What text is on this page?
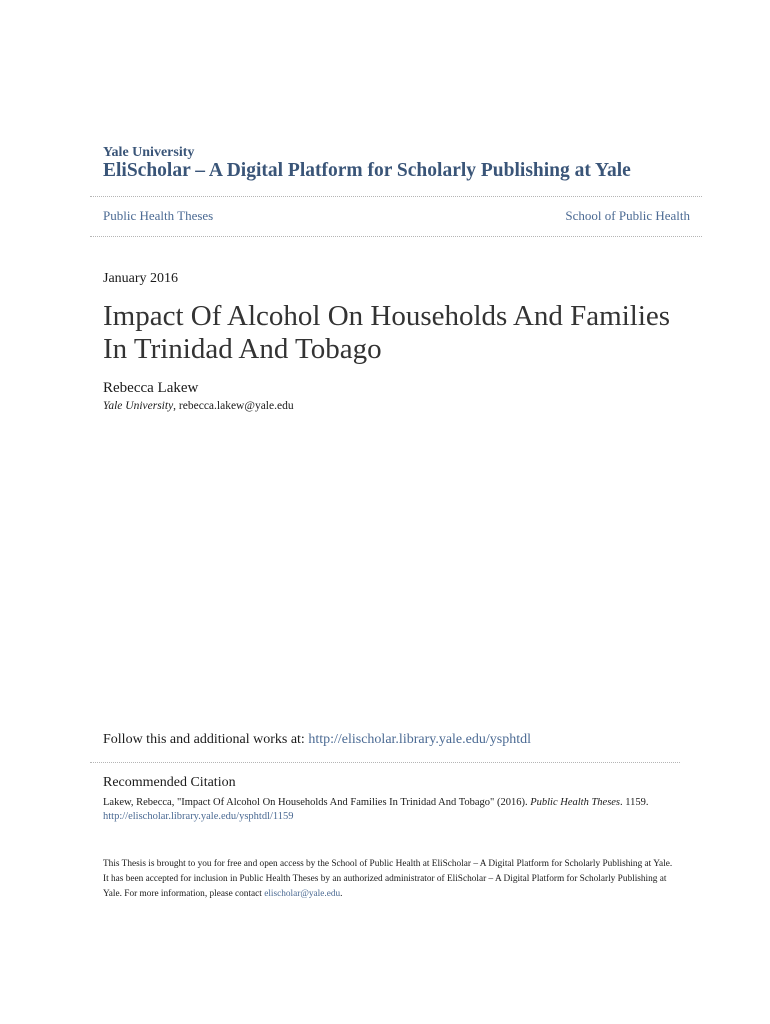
Yale University
EliScholar – A Digital Platform for Scholarly Publishing at Yale
Public Health Theses	School of Public Health
January 2016
Impact Of Alcohol On Households And Families
In Trinidad And Tobago
Rebecca Lakew
Yale University, rebecca.lakew@yale.edu
Follow this and additional works at: http://elischolar.library.yale.edu/ysphtdl
Recommended Citation
Lakew, Rebecca, "Impact Of Alcohol On Households And Families In Trinidad And Tobago" (2016). Public Health Theses. 1159.
http://elischolar.library.yale.edu/ysphtdl/1159
This Thesis is brought to you for free and open access by the School of Public Health at EliScholar – A Digital Platform for Scholarly Publishing at Yale.
It has been accepted for inclusion in Public Health Theses by an authorized administrator of EliScholar – A Digital Platform for Scholarly Publishing at
Yale. For more information, please contact elischolar@yale.edu.
